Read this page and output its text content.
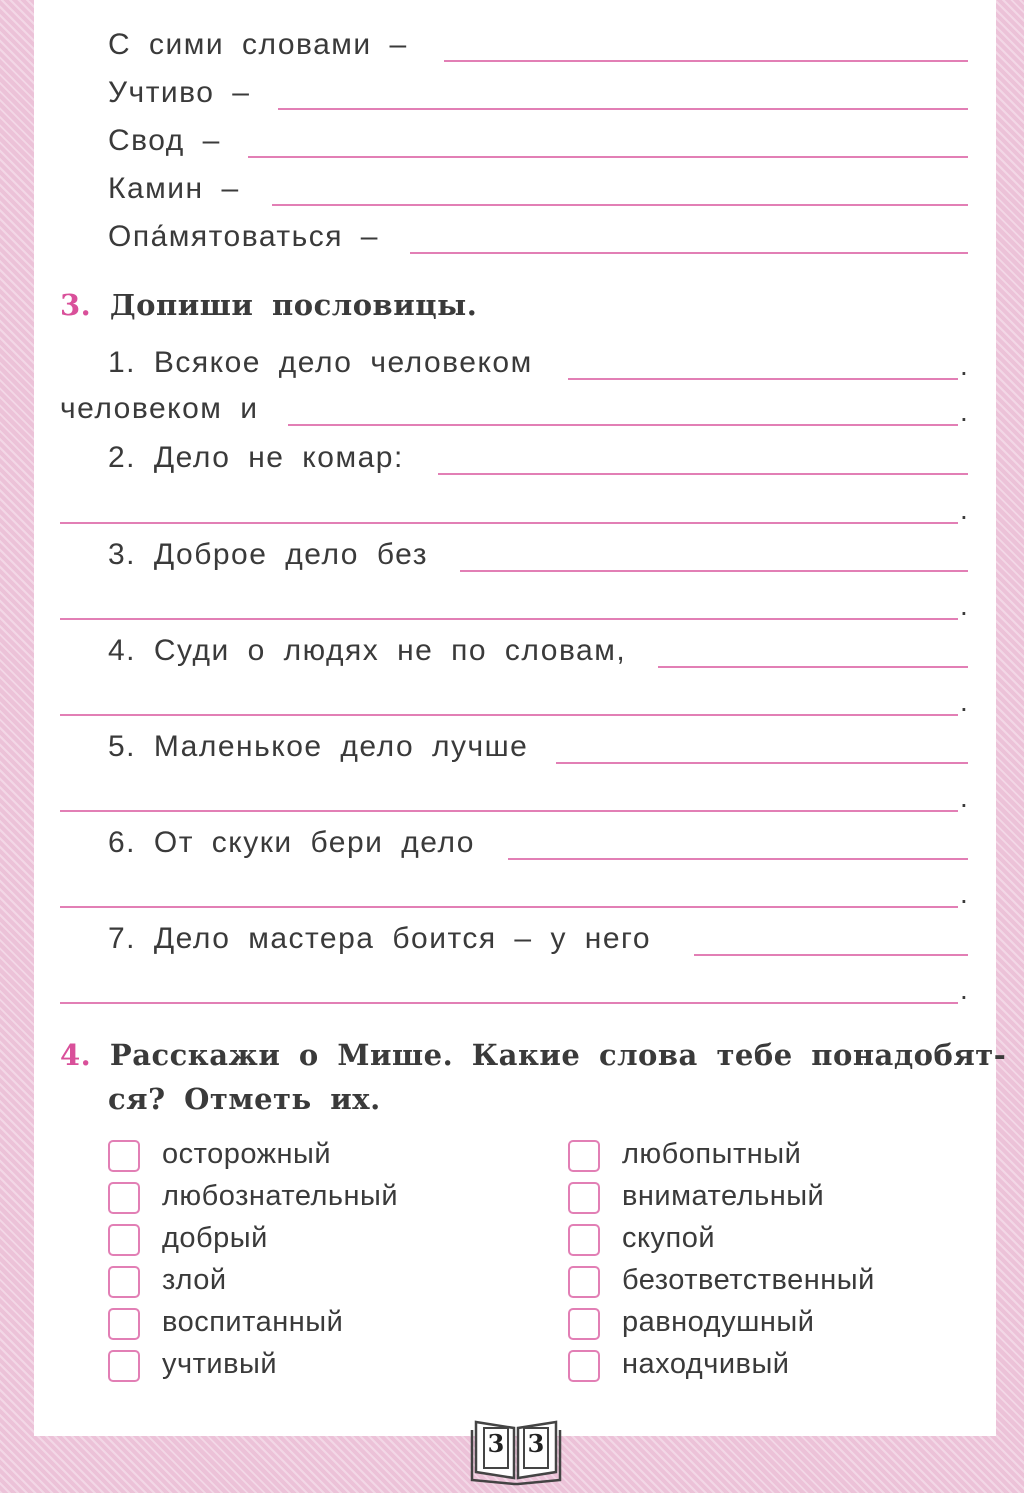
С сими словами –
Учтиво –
Свод –
Камин –
Опа́мятоваться –
3. Допиши пословицы.
1. Всякое дело человеком	.
человеком и	.
2. Дело не комар:
.
3. Доброе дело без
.
4. Суди о людях не по словам,
.
5. Маленькое дело лучше
.
6. От скуки бери дело
.
7. Дело мастера боится – у него
.
4. Расскажи о Мише. Какие слова тебе понадобят-
ся? Отметь их.
осторожный
любознательный
добрый
злой
воспитанный
учтивый
любопытный
внимательный
скупой
безответственный
равнодушный
находчивый
3 3
